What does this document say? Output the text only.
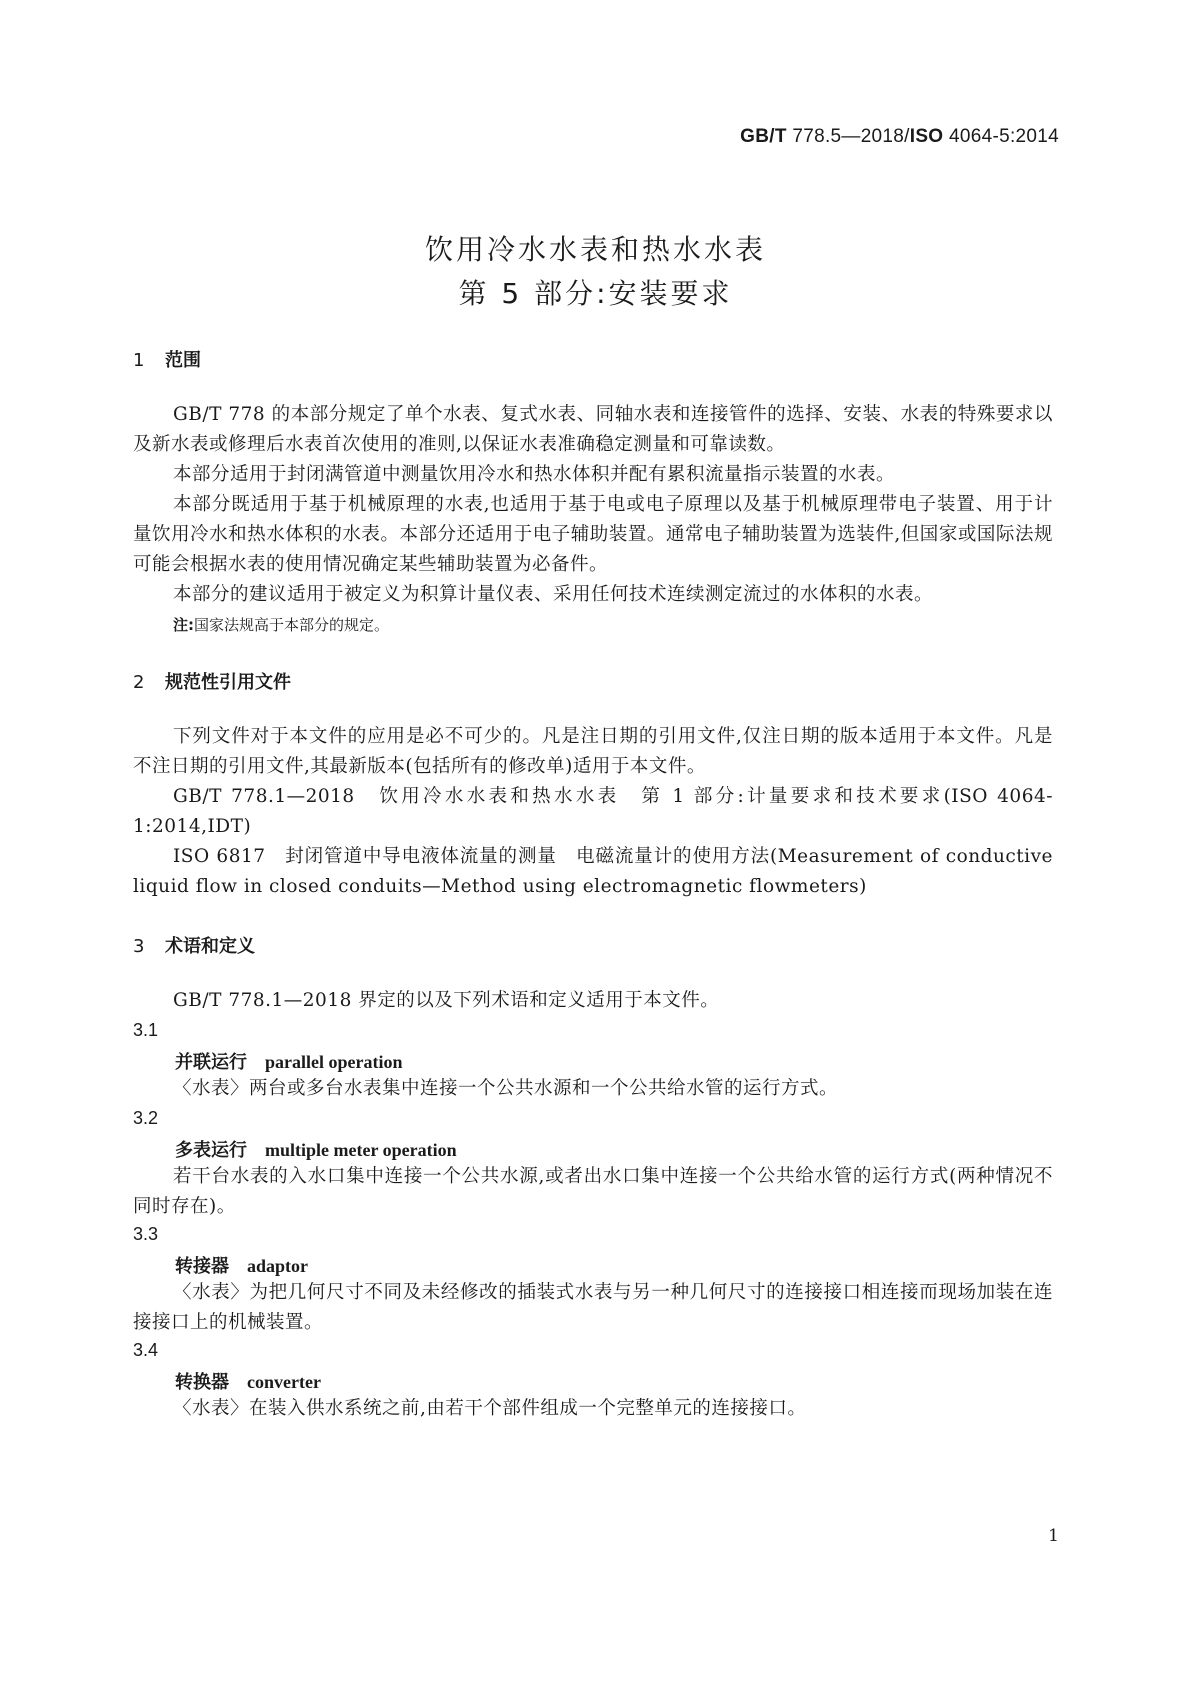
GB/T 778.5—2018/ISO 4064-5:2014
饮用冷水水表和热水水表
第 5 部分:安装要求
1 范围
GB/T 778 的本部分规定了单个水表、复式水表、同轴水表和连接管件的选择、安装、水表的特殊要求以及新水表或修理后水表首次使用的准则,以保证水表准确稳定测量和可靠读数。
本部分适用于封闭满管道中测量饮用冷水和热水体积并配有累积流量指示装置的水表。
本部分既适用于基于机械原理的水表,也适用于基于电或电子原理以及基于机械原理带电子装置、用于计量饮用冷水和热水体积的水表。本部分还适用于电子辅助装置。通常电子辅助装置为选装件,但国家或国际法规可能会根据水表的使用情况确定某些辅助装置为必备件。
本部分的建议适用于被定义为积算计量仪表、采用任何技术连续测定流过的水体积的水表。
注:国家法规高于本部分的规定。
2 规范性引用文件
下列文件对于本文件的应用是必不可少的。凡是注日期的引用文件,仅注日期的版本适用于本文件。凡是不注日期的引用文件,其最新版本(包括所有的修改单)适用于本文件。
GB/T 778.1—2018　饮用冷水水表和热水水表　第 1 部分:计量要求和技术要求(ISO 4064-1:2014,IDT)
ISO 6817　封闭管道中导电液体流量的测量　电磁流量计的使用方法(Measurement of conductive liquid flow in closed conduits—Method using electromagnetic flowmeters)
3 术语和定义
GB/T 778.1—2018 界定的以及下列术语和定义适用于本文件。
3.1
并联运行 parallel operation
〈水表〉两台或多台水表集中连接一个公共水源和一个公共给水管的运行方式。
3.2
多表运行 multiple meter operation
若干台水表的入水口集中连接一个公共水源,或者出水口集中连接一个公共给水管的运行方式(两种情况不同时存在)。
3.3
转接器 adaptor
〈水表〉为把几何尺寸不同及未经修改的插装式水表与另一种几何尺寸的连接接口相连接而现场加装在连接接口上的机械装置。
3.4
转换器 converter
〈水表〉在装入供水系统之前,由若干个部件组成一个完整单元的连接接口。
1
